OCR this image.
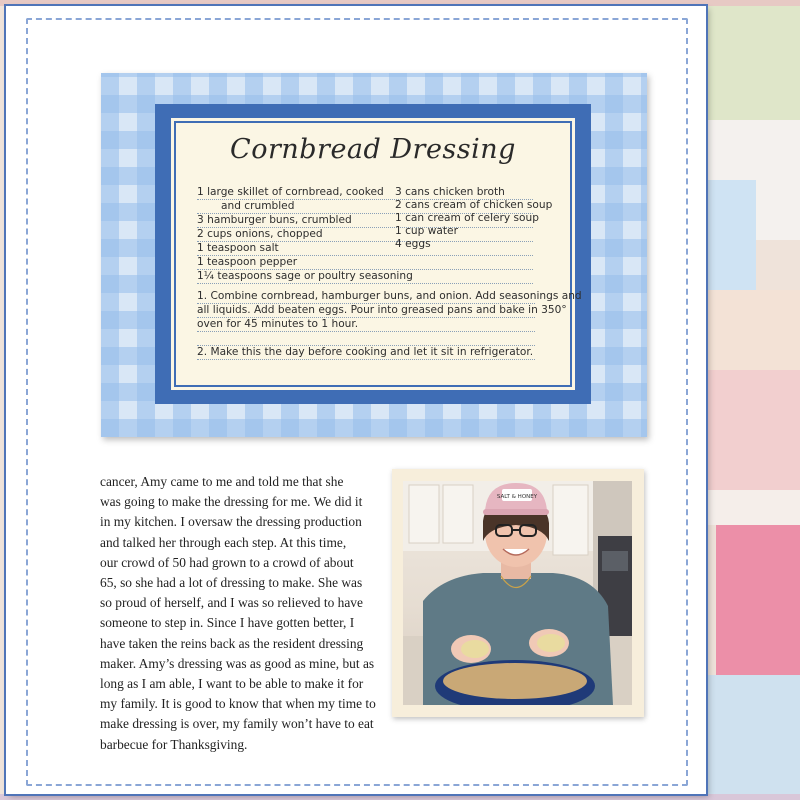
Cornbread Dressing
1 large skillet of cornbread, cooked
and crumbled
3 hamburger buns, crumbled
2 cups onions, chopped
1 teaspoon salt
1 teaspoon pepper
1¼ teaspoons sage or poultry seasoning
3 cans chicken broth
2 cans cream of chicken soup
1 can cream of celery soup
1 cup water
4 eggs
1. Combine cornbread, hamburger buns, and onion. Add seasonings and
all liquids. Add beaten eggs. Pour into greased pans and bake in 350°
oven for 45 minutes to 1 hour.
2. Make this the day before cooking and let it sit in refrigerator.
cancer, Amy came to me and told me that she
was going to make the dressing for me. We did it
in my kitchen. I oversaw the dressing production
and talked her through each step. At this time,
our crowd of 50 had grown to a crowd of about
65, so she had a lot of dressing to make. She was
so proud of herself, and I was so relieved to have
someone to step in. Since I have gotten better, I
have taken the reins back as the resident dressing
maker. Amy’s dressing was as good as mine, but as
long as I am able, I want to be able to make it for
my family. It is good to know that when my time to
make dressing is over, my family won’t have to eat
barbecue for Thanksgiving.
SALT & HONEY
